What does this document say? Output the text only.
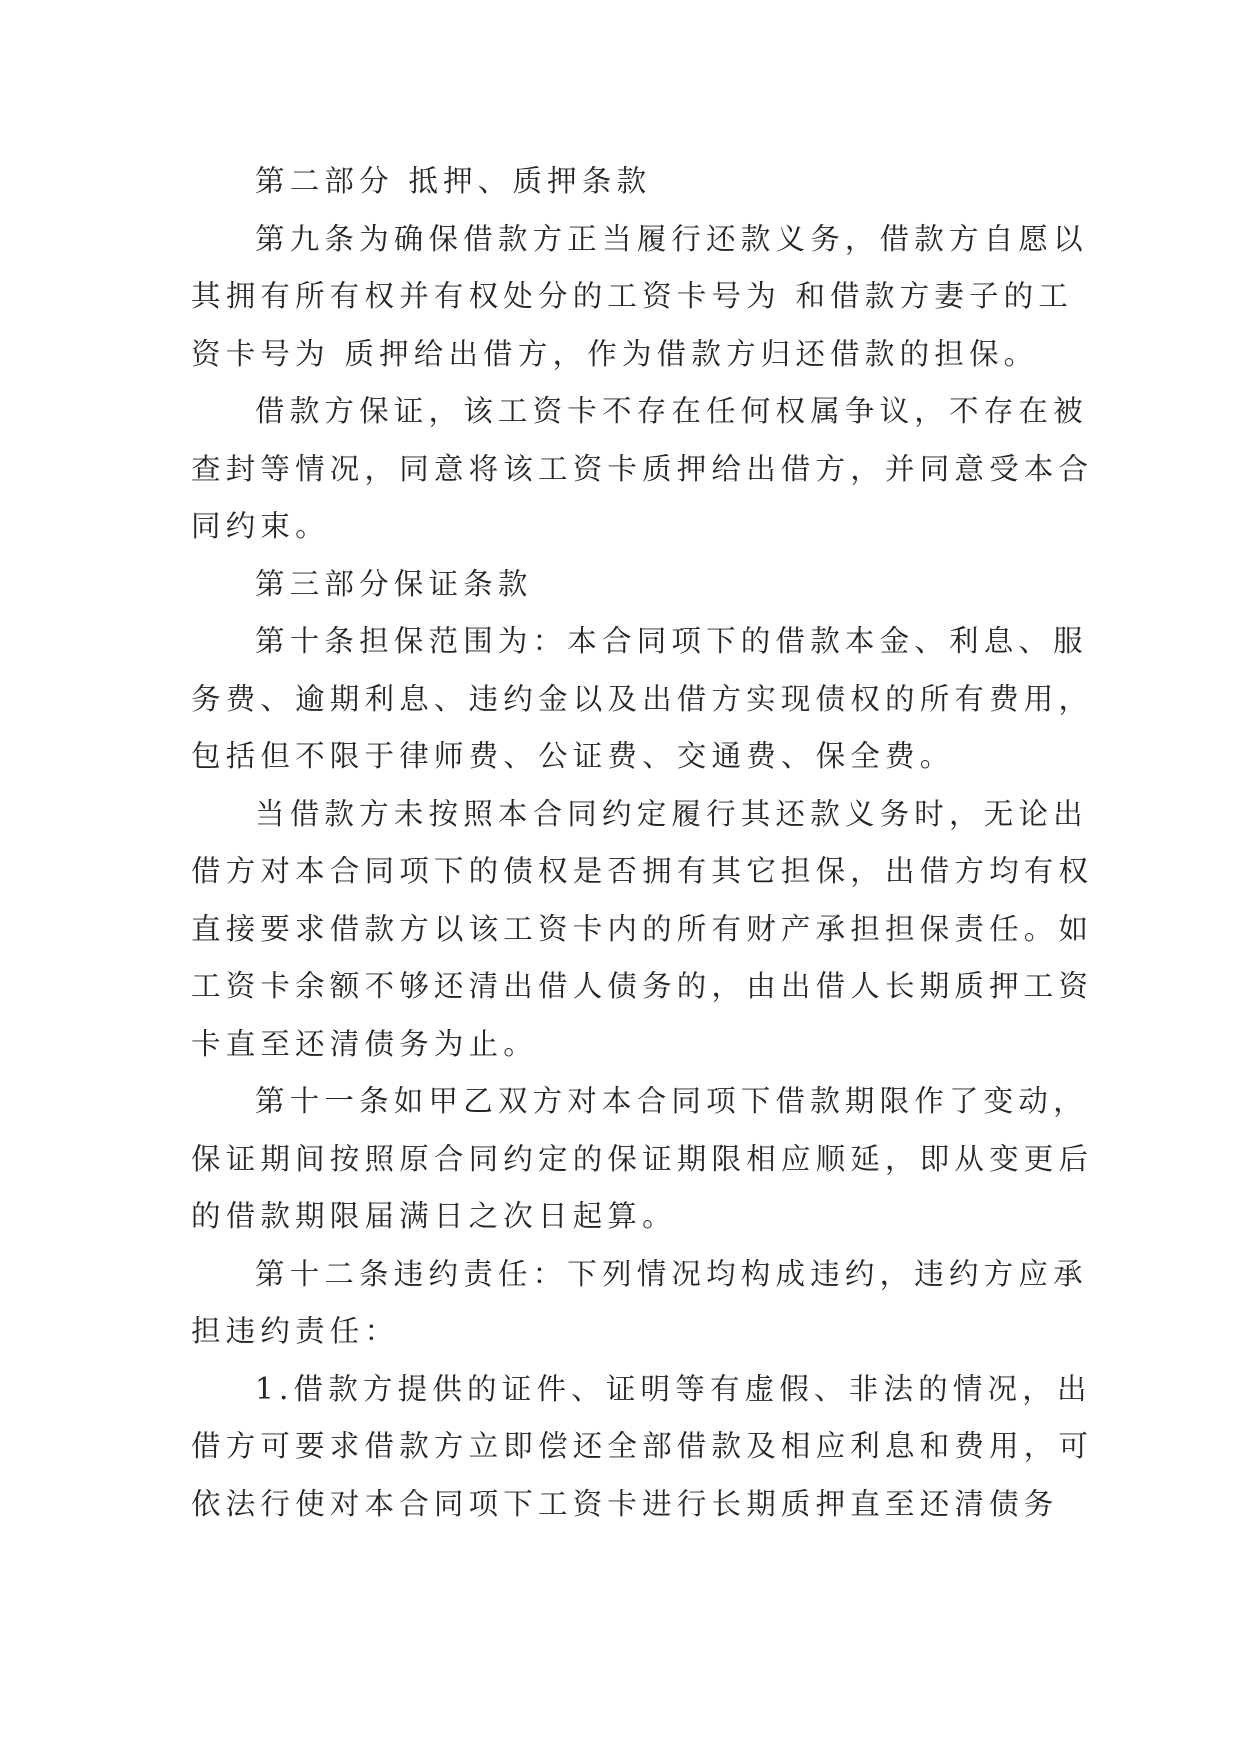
第二部分 抵押、质押条款

第九条为确保借款方正当履行还款义务，借款方自愿以
其拥有所有权并有权处分的工资卡号为 和借款方妻子的工
资卡号为 质押给出借方，作为借款方归还借款的担保。

借款方保证，该工资卡不存在任何权属争议，不存在被
查封等情况，同意将该工资卡质押给出借方，并同意受本合
同约束。

第三部分保证条款

第十条担保范围为：本合同项下的借款本金、利息、服
务费、逾期利息、违约金以及出借方实现债权的所有费用，
包括但不限于律师费、公证费、交通费、保全费。

当借款方未按照本合同约定履行其还款义务时，无论出
借方对本合同项下的债权是否拥有其它担保，出借方均有权
直接要求借款方以该工资卡内的所有财产承担担保责任。如
工资卡余额不够还清出借人债务的，由出借人长期质押工资
卡直至还清债务为止。

第十一条如甲乙双方对本合同项下借款期限作了变动，
保证期间按照原合同约定的保证期限相应顺延，即从变更后
的借款期限届满日之次日起算。

第十二条违约责任：下列情况均构成违约，违约方应承
担违约责任：

1.借款方提供的证件、证明等有虚假、非法的情况，出
借方可要求借款方立即偿还全部借款及相应利息和费用，可
依法行使对本合同项下工资卡进行长期质押直至还清债务
